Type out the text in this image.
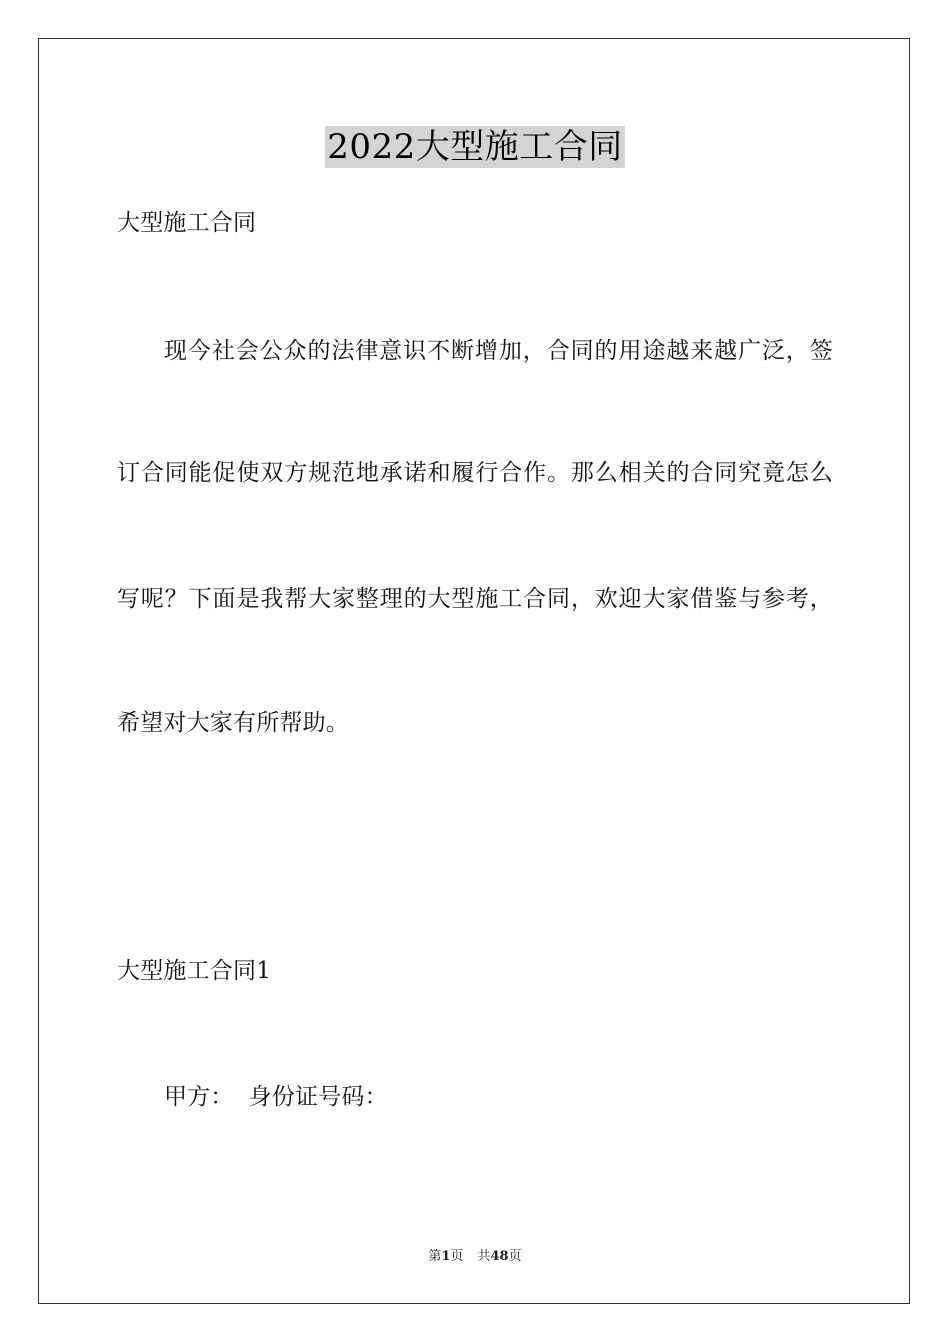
2022大型施工合同
大型施工合同
现今社会公众的法律意识不断增加，合同的用途越来越广泛，签
订合同能促使双方规范地承诺和履行合作。那么相关的合同究竟怎么
写呢？下面是我帮大家整理的大型施工合同，欢迎大家借鉴与参考，
希望对大家有所帮助。
大型施工合同1
甲方：  身份证号码：
第1页 共48页
